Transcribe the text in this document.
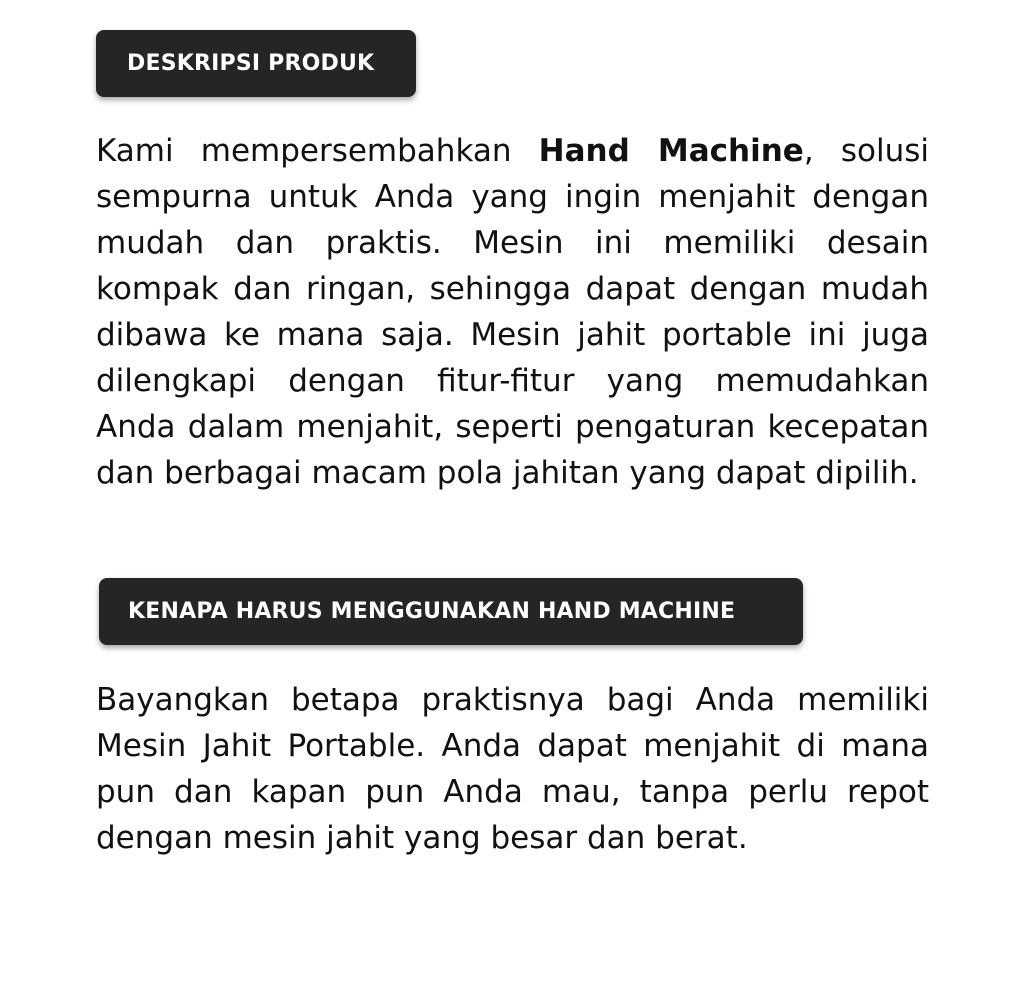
DESKRIPSI PRODUK

Kami mempersembahkan Hand Machine, solusi sempurna untuk Anda yang ingin menjahit dengan mudah dan praktis. Mesin ini memiliki desain kompak dan ringan, sehingga dapat dengan mudah dibawa ke mana saja. Mesin jahit portable ini juga dilengkapi dengan fitur-fitur yang memudahkan Anda dalam menjahit, seperti pengaturan kecepatan dan berbagai macam pola jahitan yang dapat dipilih.

KENAPA HARUS MENGGUNAKAN HAND MACHINE

Bayangkan betapa praktisnya bagi Anda memiliki Mesin Jahit Portable. Anda dapat menjahit di mana pun dan kapan pun Anda mau, tanpa perlu repot dengan mesin jahit yang besar dan berat.
